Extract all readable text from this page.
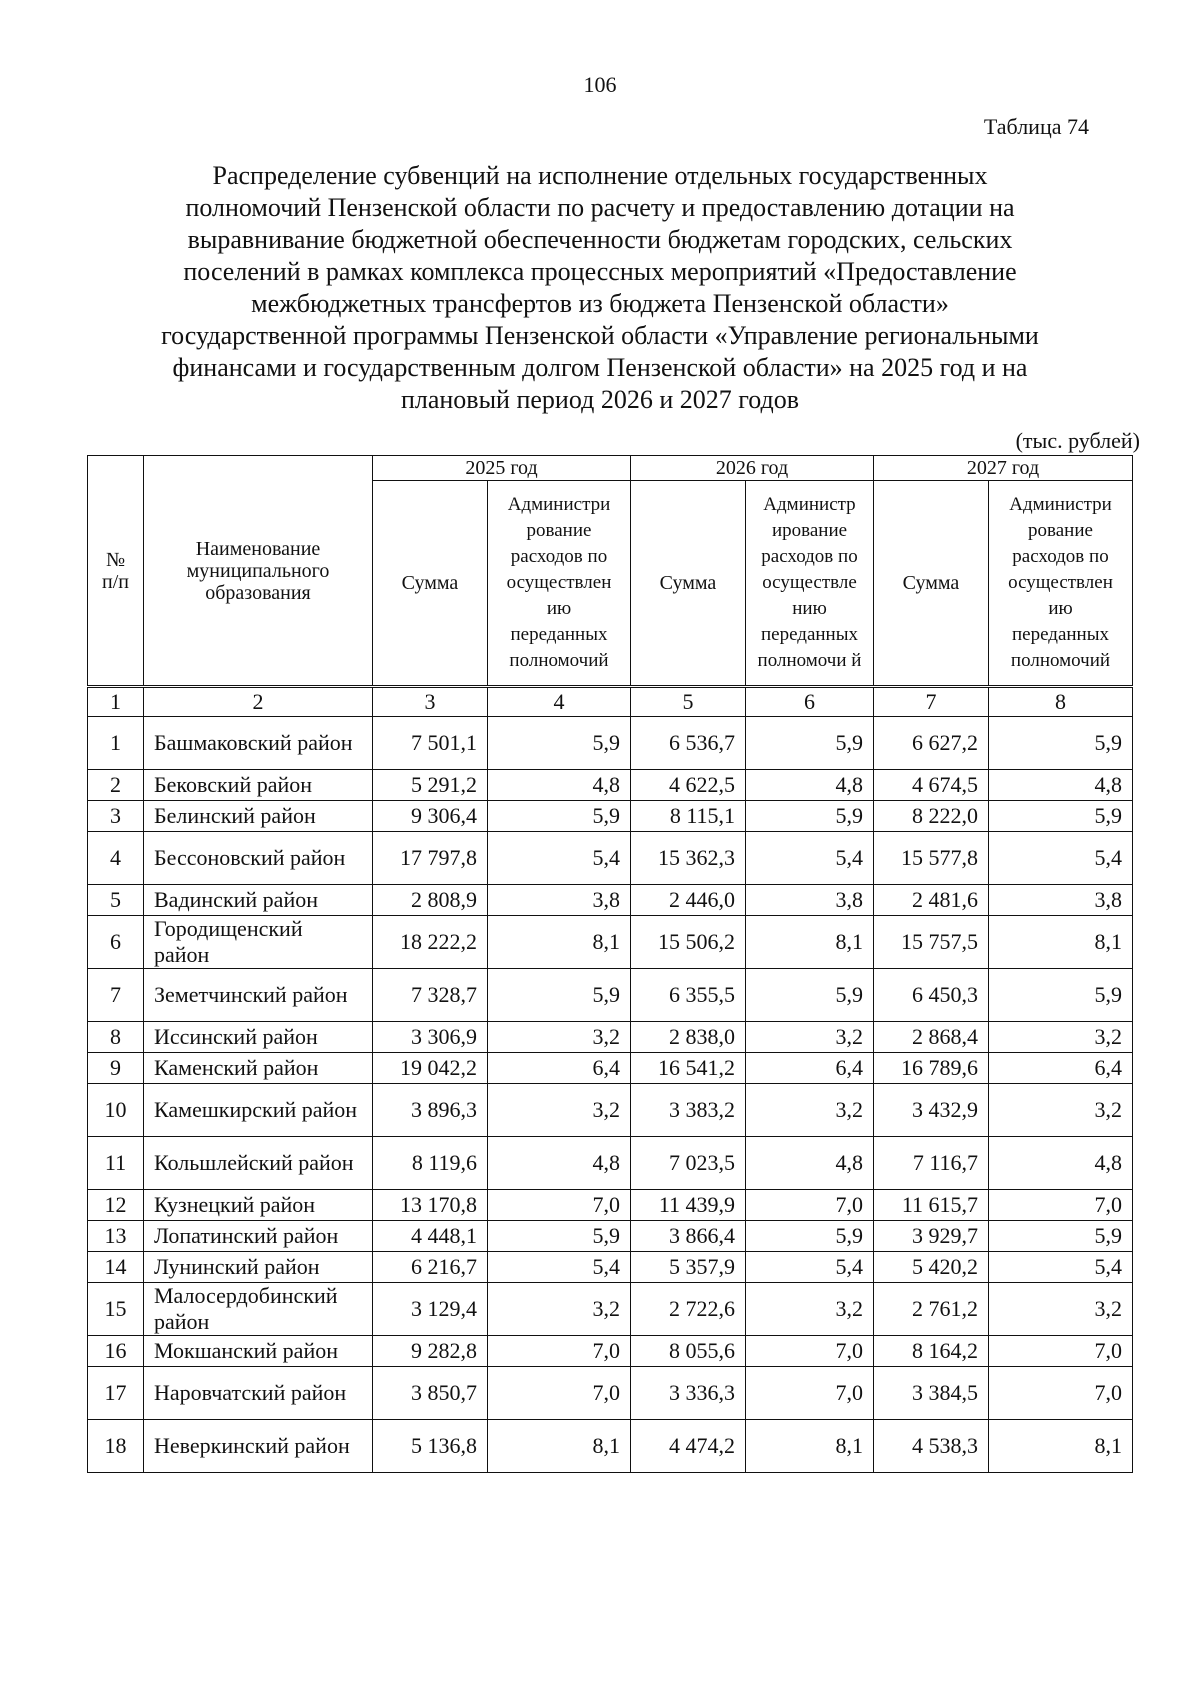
106
Таблица 74
Распределение субвенций на исполнение отдельных государственных
полномочий Пензенской области по расчету и предоставлению дотации на
выравнивание бюджетной обеспеченности бюджетам городских, сельских
поселений в рамках комплекса процессных мероприятий «Предоставление
межбюджетных трансфертов из бюджета Пензенской области»
государственной программы Пензенской области «Управление региональными
финансами и государственным долгом Пензенской области» на 2025 год и на
плановый период 2026 и 2027 годов
(тыс. рублей)
№ п/п	Наименование муниципального образования	2025 год		2026 год		2027 год	
		Сумма	Администри рование расходов по осуществлен ию переданных полномочий	Сумма	Администр ирование расходов по осуществле нию переданных полномочи й	Сумма	Администри рование расходов по осуществлен ию переданных полномочий
1	2	3	4	5	6	7	8
1	Башмаковский район	7 501,1	5,9	6 536,7	5,9	6 627,2	5,9
2	Бековский район	5 291,2	4,8	4 622,5	4,8	4 674,5	4,8
3	Белинский район	9 306,4	5,9	8 115,1	5,9	8 222,0	5,9
4	Бессоновский район	17 797,8	5,4	15 362,3	5,4	15 577,8	5,4
5	Вадинский район	2 808,9	3,8	2 446,0	3,8	2 481,6	3,8
6	Городищенский район	18 222,2	8,1	15 506,2	8,1	15 757,5	8,1
7	Земетчинский район	7 328,7	5,9	6 355,5	5,9	6 450,3	5,9
8	Иссинский район	3 306,9	3,2	2 838,0	3,2	2 868,4	3,2
9	Каменский район	19 042,2	6,4	16 541,2	6,4	16 789,6	6,4
10	Камешкирский район	3 896,3	3,2	3 383,2	3,2	3 432,9	3,2
11	Кольшлейский район	8 119,6	4,8	7 023,5	4,8	7 116,7	4,8
12	Кузнецкий район	13 170,8	7,0	11 439,9	7,0	11 615,7	7,0
13	Лопатинский район	4 448,1	5,9	3 866,4	5,9	3 929,7	5,9
14	Лунинский район	6 216,7	5,4	5 357,9	5,4	5 420,2	5,4
15	Малосердобинский район	3 129,4	3,2	2 722,6	3,2	2 761,2	3,2
16	Мокшанский район	9 282,8	7,0	8 055,6	7,0	8 164,2	7,0
17	Наровчатский район	3 850,7	7,0	3 336,3	7,0	3 384,5	7,0
18	Неверкинский район	5 136,8	8,1	4 474,2	8,1	4 538,3	8,1
